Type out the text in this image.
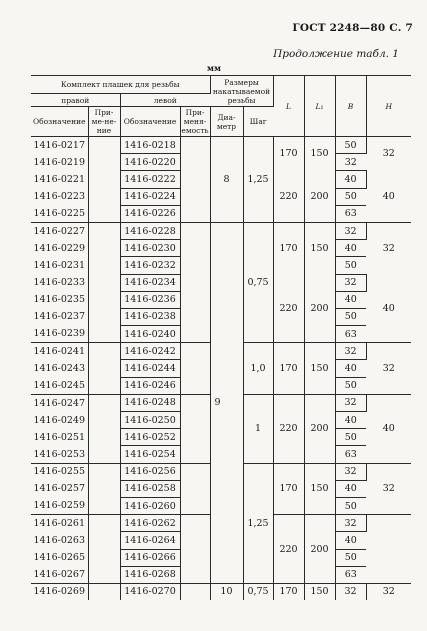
ГОСТ 2248—80 С. 7
Продолжение табл. 1
мм
Комплект плашек для резьбы				Размеры накатываемой резьбы		L	L₁	B	H
правой		левой							
Обозначение	При-ме-не-ние	Обозначение	При-меня-емость	Диа-метр	Шаг				
1416-0217		1416-0218		8	1,25	170	150	50	32
1416-0219		1416-0220						32	
1416-0221		1416-0222				220	200	40	40
1416-0223		1416-0224						50	
1416-0225		1416-0226						63	
1416-0227		1416-0228		9	0,75	170	150	32	32
1416-0229		1416-0230						40	
1416-0231		1416-0232						50	
1416-0233		1416-0234				220	200	32	40
1416-0235		1416-0236						40	
1416-0237		1416-0238						50	
1416-0239		1416-0240						63	
1416-0241		1416-0242			1,0	170	150	32	32
1416-0243		1416-0244						40	
1416-0245		1416-0246						50	
1416-0247		1416-0248			1	220	200	32	40
1416-0249		1416-0250						40	
1416-0251		1416-0252						50	
1416-0253		1416-0254						63	
1416-0255		1416-0256			1,25	170	150	32	32
1416-0257		1416-0258						40	
1416-0259		1416-0260						50	
1416-0261		1416-0262				220	200	32	
1416-0263		1416-0264						40	
1416-0265		1416-0266						50	
1416-0267		1416-0268						63	
1416-0269		1416-0270		10	0,75	170	150	32	32
